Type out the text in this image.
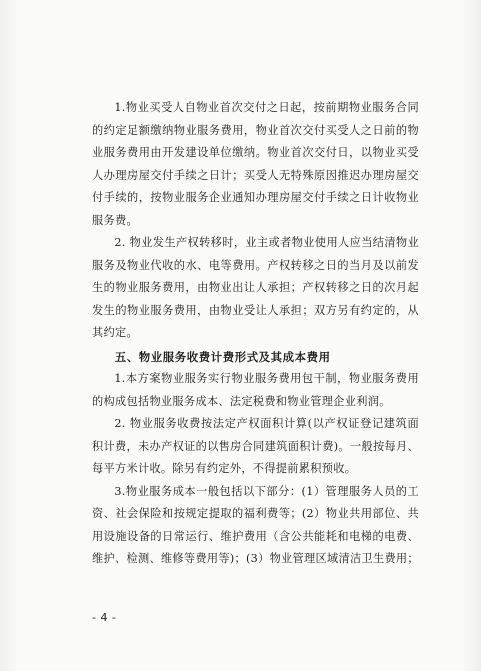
1.物业买受人自物业首次交付之日起，按前期物业服务合同的约定足额缴纳物业服务费用，物业首次交付买受人之日前的物业服务费用由开发建设单位缴纳。物业首次交付日，以物业买受人办理房屋交付手续之日计；买受人无特殊原因推迟办理房屋交付手续的，按物业服务企业通知办理房屋交付手续之日计收物业服务费。

2. 物业发生产权转移时，业主或者物业使用人应当结清物业服务及物业代收的水、电等费用。产权转移之日的当月及以前发生的物业服务费用，由物业出让人承担；产权转移之日的次月起发生的物业服务费用，由物业受让人承担；双方另有约定的，从其约定。

五、物业服务收费计费形式及其成本费用

1.本方案物业服务实行物业服务费用包干制，物业服务费用的构成包括物业服务成本、法定税费和物业管理企业利润。

2. 物业服务收费按法定产权面积计算(以产权证登记建筑面积计费，未办产权证的以售房合同建筑面积计费)。一般按每月、每平方米计收。除另有约定外，不得提前累积预收。

3.物业服务成本一般包括以下部分：(1）管理服务人员的工资、社会保险和按规定提取的福利费等；(2）物业共用部位、共用设施设备的日常运行、维护费用（含公共能耗和电梯的电费、维护、检测、维修等费用等)；(3）物业管理区域清洁卫生费用；

- 4 -
